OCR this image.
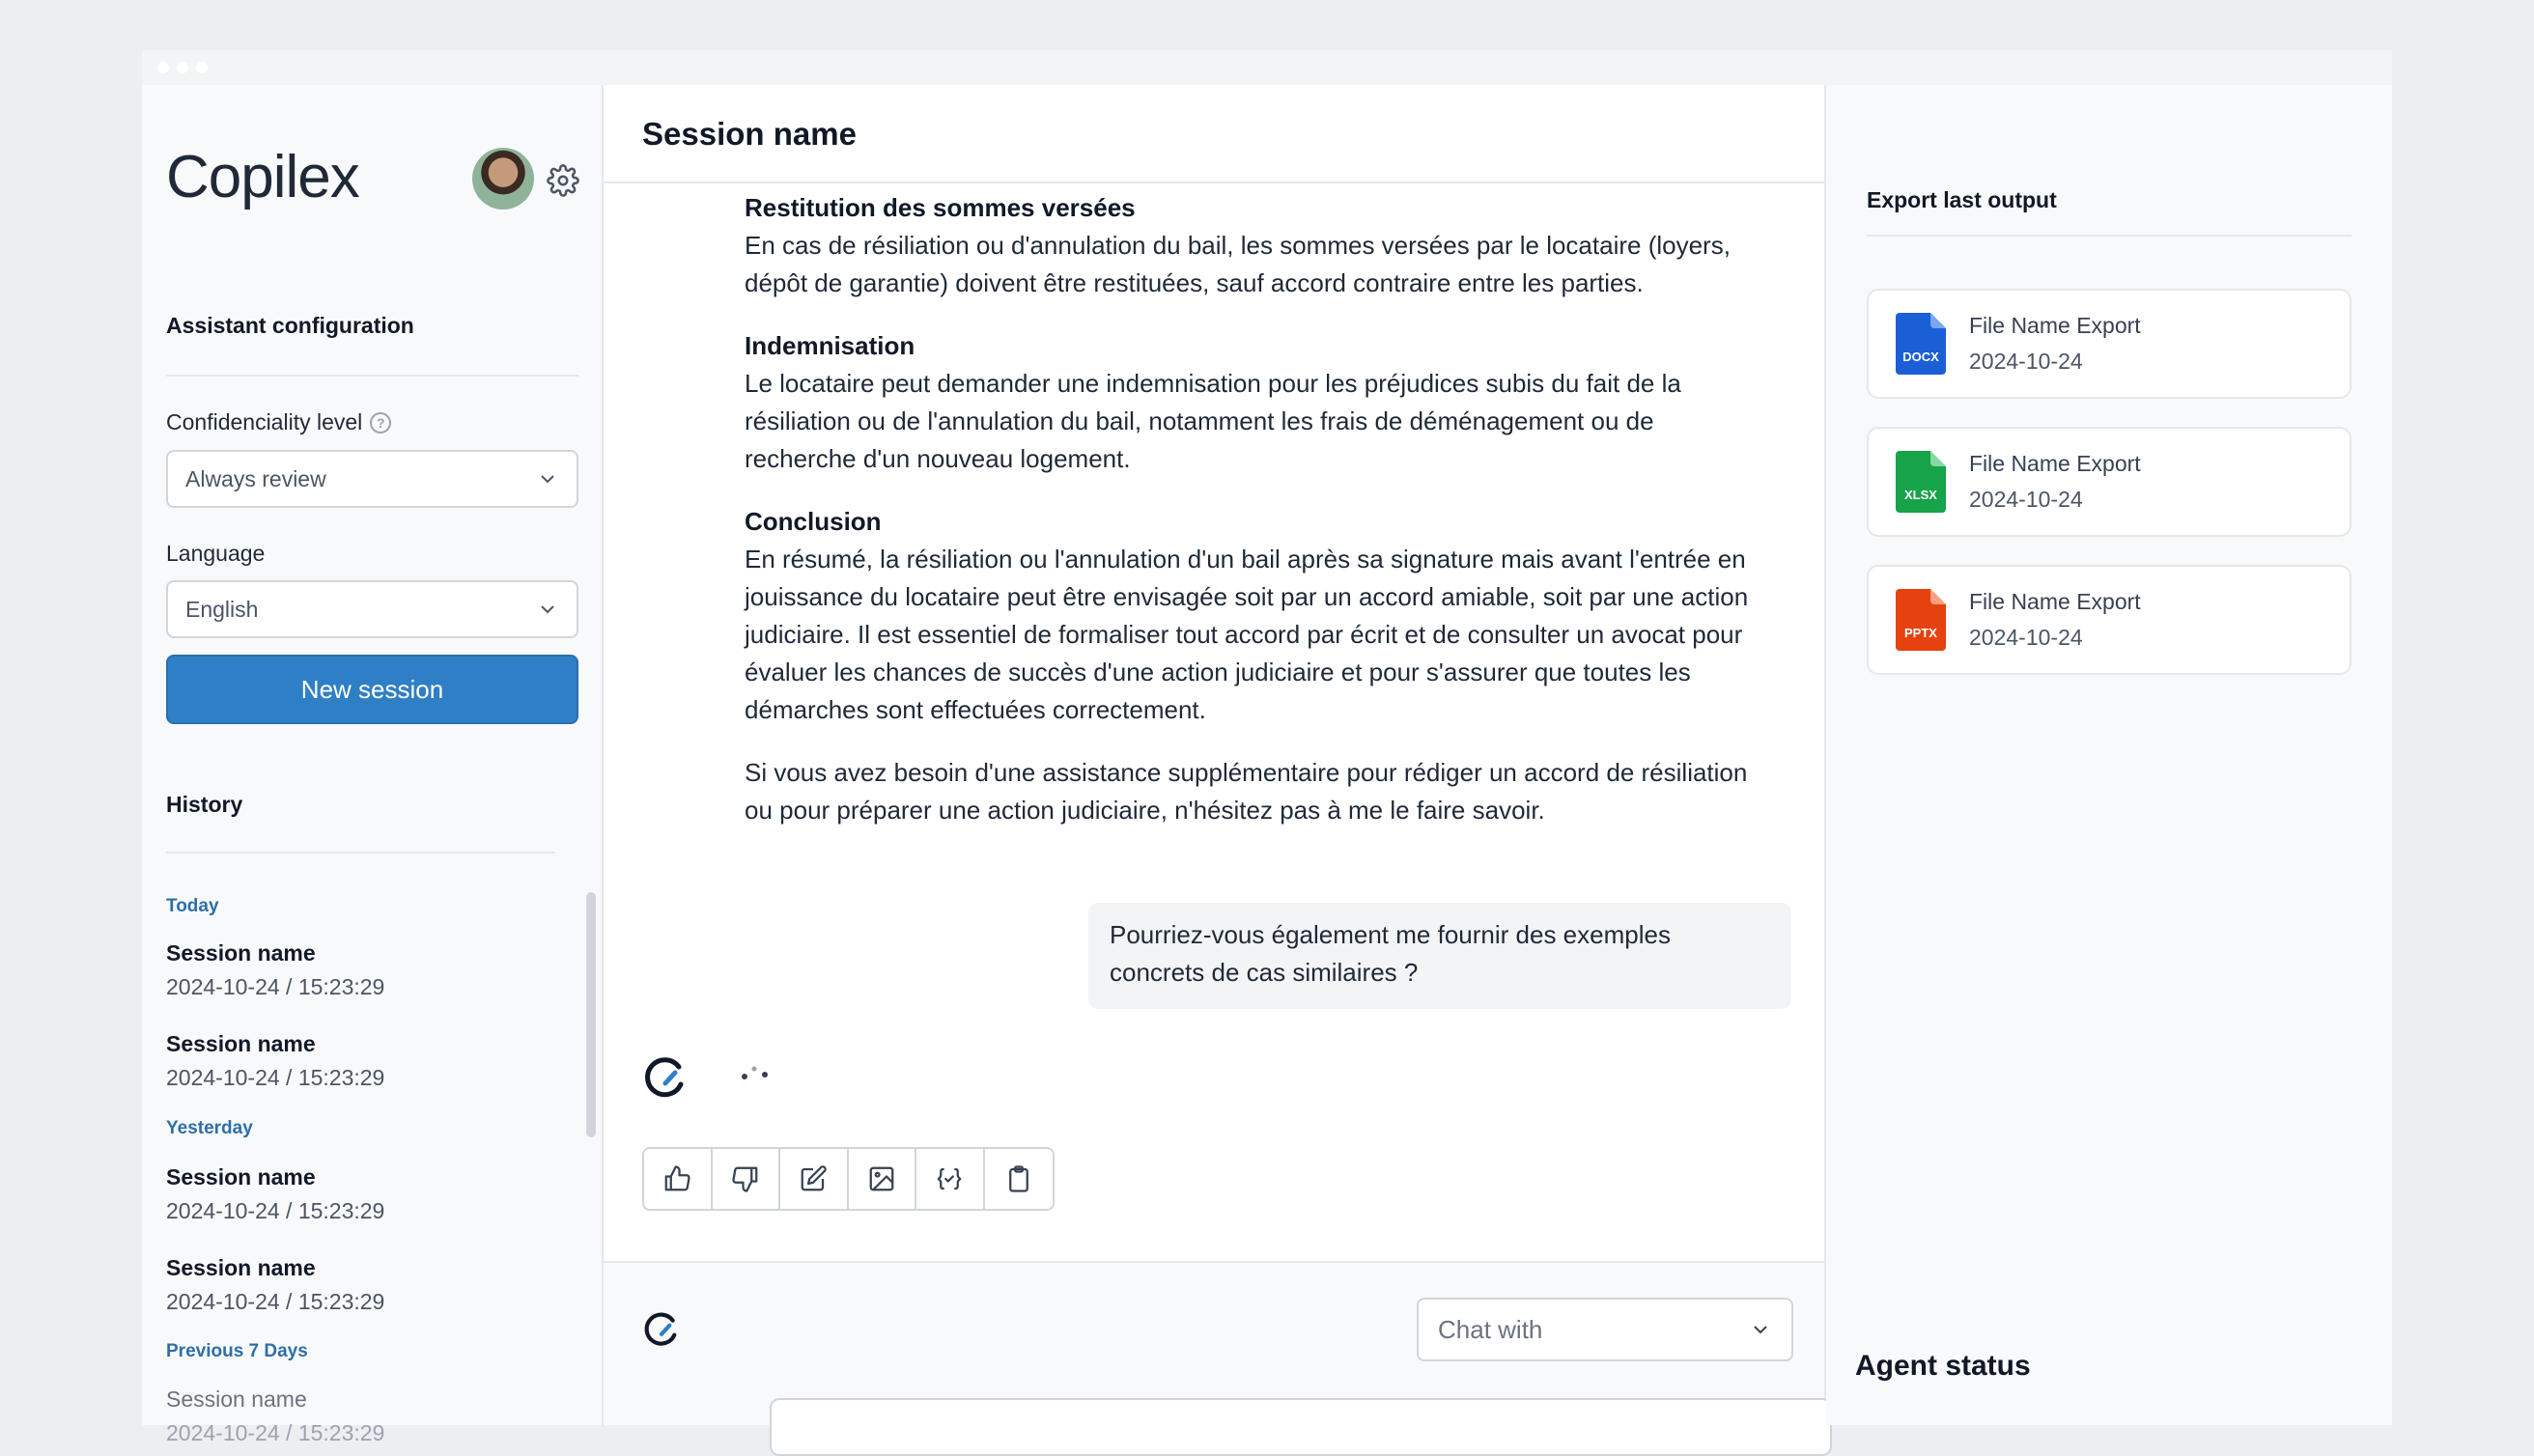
Copilex
Assistant configuration
Confidenciality level	?
Always review
Language
English
New session
History
Today
Session name
2024-10-24 / 15:23:29
Session name
2024-10-24 / 15:23:29
Yesterday
Session name
2024-10-24 / 15:23:29
Session name
2024-10-24 / 15:23:29
Previous 7 Days
Session name
2024-10-24 / 15:23:29
Session name
Restitution des sommes versées
En cas de résiliation ou d'annulation du bail, les sommes versées par le locataire (loyers, dépôt de garantie) doivent être restituées, sauf accord contraire entre les parties.
Indemnisation
Le locataire peut demander une indemnisation pour les préjudices subis du fait de la résiliation ou de l'annulation du bail, notamment les frais de déménagement ou de recherche d'un nouveau logement.
Conclusion
En résumé, la résiliation ou l'annulation d'un bail après sa signature mais avant l'entrée en jouissance du locataire peut être envisagée soit par un accord amiable, soit par une action judiciaire. Il est essentiel de formaliser tout accord par écrit et de consulter un avocat pour évaluer les chances de succès d'une action judiciaire et pour s'assurer que toutes les démarches sont effectuées correctement.

Si vous avez besoin d'une assistance supplémentaire pour rédiger un accord de résiliation ou pour préparer une action judiciaire, n'hésitez pas à me le faire savoir.

Pourriez-vous également me fournir des exemples concrets de cas similaires ?
Chat with
Export last output
DOCX
File Name Export
2024-10-24
XLSX
File Name Export
2024-10-24
PPTX
File Name Export
2024-10-24
Agent status
